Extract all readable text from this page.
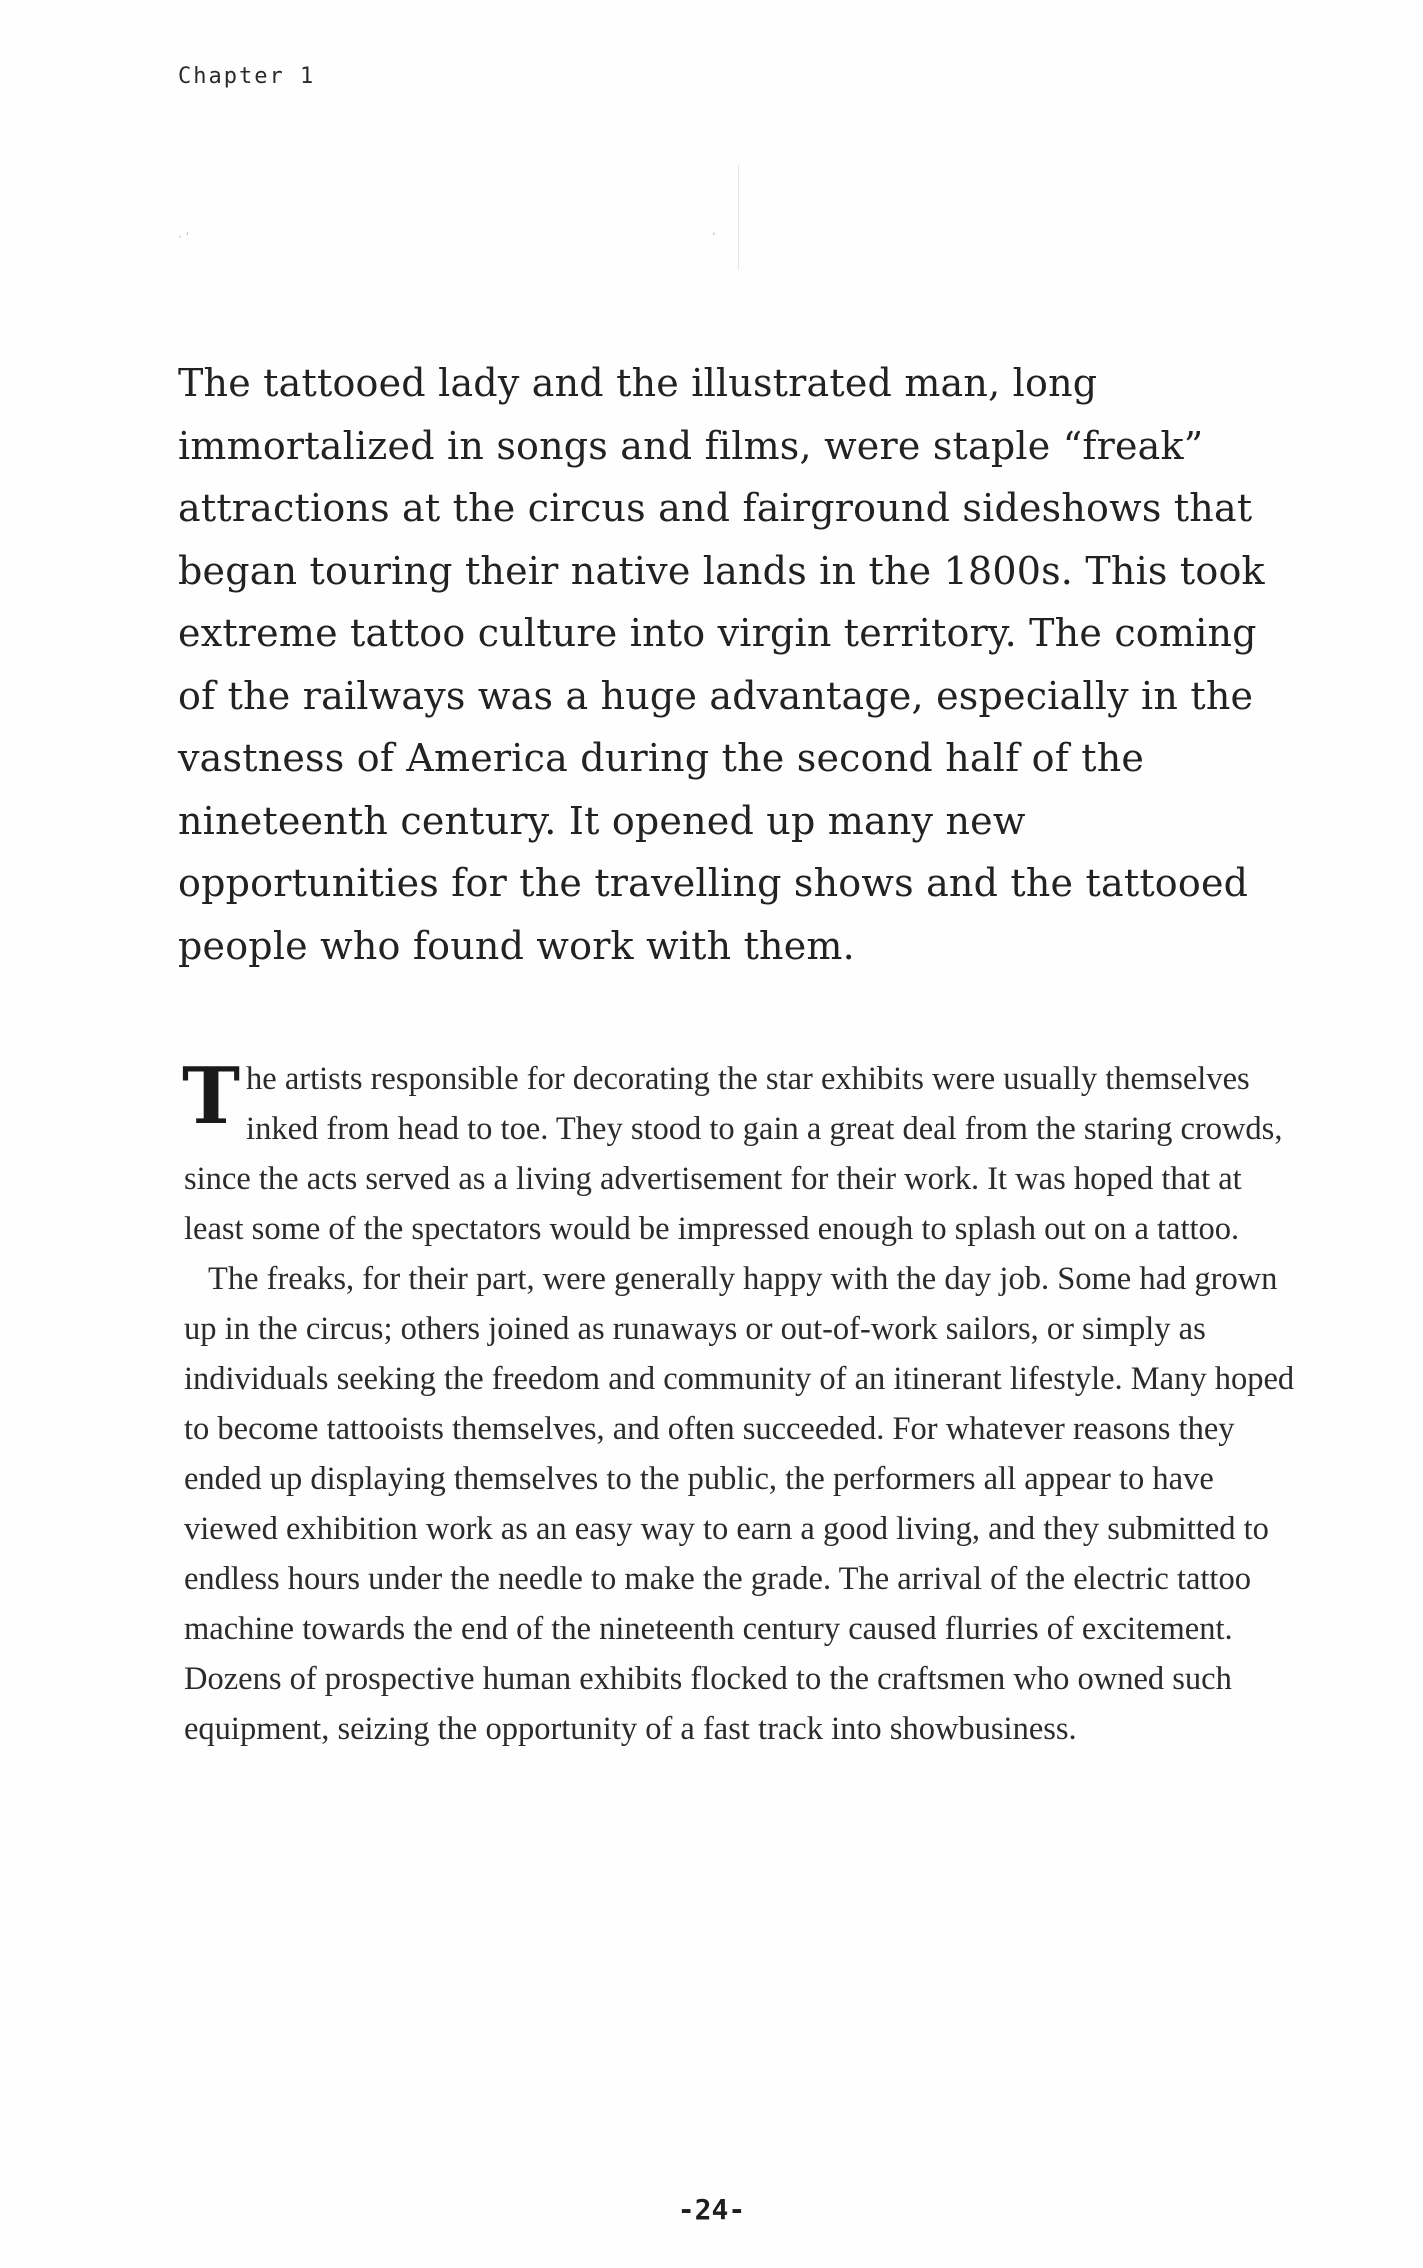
Chapter 1
· ‘	‘
The tattooed lady and the illustrated man, long immortalized in songs and films, were staple “freak” attractions at the circus and fairground sideshows that began touring their native lands in the 1800s. This took extreme tattoo culture into virgin territory. The coming of the railways was a huge advantage, especially in the vastness of America during the second half of the nineteenth century. It opened up many new opportunities for the travelling shows and the tattooed people who found work with them.

The artists responsible for decorating the star exhibits were usually themselves inked from head to toe. They stood to gain a great deal from the staring crowds, since the acts served as a living advertisement for their work. It was hoped that at least some of the spectators would be impressed enough to splash out on a tattoo.

The freaks, for their part, were generally happy with the day job. Some had grown up in the circus; others joined as runaways or out-of-work sailors, or simply as individuals seeking the freedom and community of an itinerant lifestyle. Many hoped to become tattooists themselves, and often succeeded. For whatever reasons they ended up displaying themselves to the public, the performers all appear to have viewed exhibition work as an easy way to earn a good living, and they submitted to endless hours under the needle to make the grade. The arrival of the electric tattoo machine towards the end of the nineteenth century caused flurries of excitement. Dozens of prospective human exhibits flocked to the craftsmen who owned such equipment, seizing the opportunity of a fast track into showbusiness.

-24-
